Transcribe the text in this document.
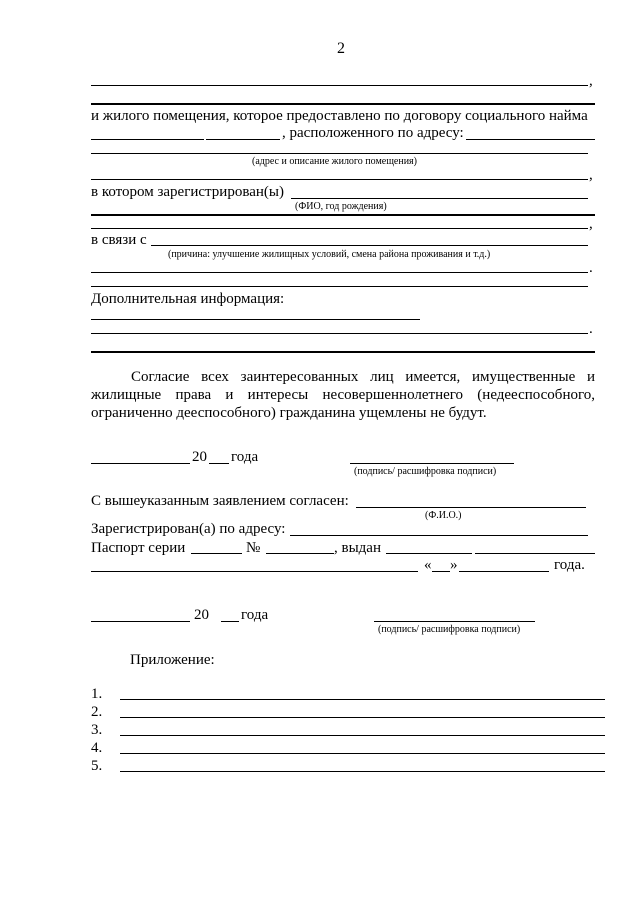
2
,
и жилого помещения, которое предоставлено по договору социального найма
, расположенного по адресу:
(адрес и описание жилого помещения)
,
в котором зарегистрирован(ы)
(ФИО, год рождения)
,
в связи с
(причина: улучшение жилищных условий, смена района проживания и т.д.)
.
Дополнительная информация:
.
Согласие всех заинтересованных лиц имеется, имущественные и жилищные права и интересы несовершеннолетнего (недееспособного, ограниченно дееспособного) гражданина ущемлены не будут.
20 года
(подпись/ расшифровка подписи)
С вышеуказанным заявлением согласен:
(Ф.И.О.)
Зарегистрирован(а) по адресу:
Паспорт серии	№	, выдан
« »	года.
20 года
(подпись/ расшифровка подписи)
Приложение:
1.
2.
3.
4.
5.
